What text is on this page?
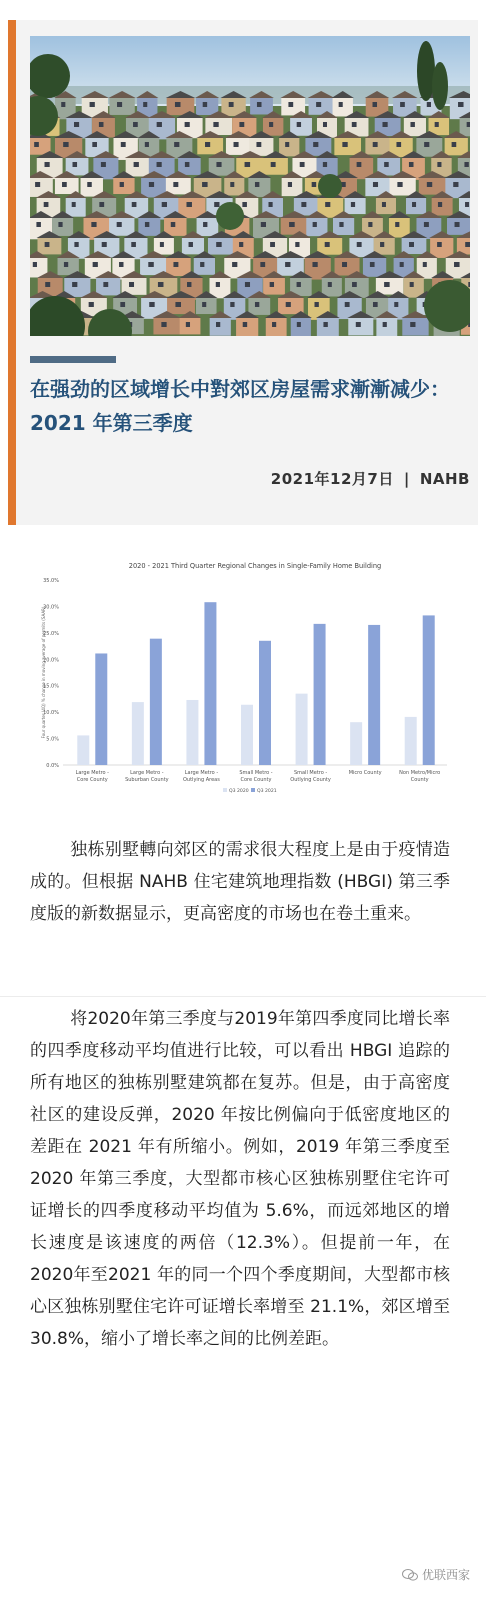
在强劲的区域增长中對郊区房屋需求漸漸减少：2021 年第三季度
2021年12月7日 | NAHB
2020 - 2021 Third Quarter Regional Changes in Single-Family Home Building
Four quarter (4Q) % change in moving average of permits (SAAR)
0.0%
5.0%
10.0%
15.0%
20.0%
25.0%
30.0%
35.0%
Large Metro -
Core County
Large Metro -
Suburban County
Large Metro -
Outlying Areas
Small Metro -
Core County
Small Metro -
Outlying County
Micro County	Non Metro/Micro
County
Q3 2020 Q3 2021

独栋别墅轉向郊区的需求很大程度上是由于疫情造成的。但根据 NAHB 住宅建筑地理指数 (HBGI) 第三季度版的新数据显示，更高密度的市场也在卷土重来。

将2020年第三季度与2019年第四季度同比增长率的四季度移动平均值进行比较，可以看出 HBGI 追踪的所有地区的独栋别墅建筑都在复苏。但是，由于高密度社区的建设反弹，2020 年按比例偏向于低密度地区的差距在 2021 年有所缩小。例如，2019 年第三季度至 2020 年第三季度，大型都市核心区独栋别墅住宅许可证增长的四季度移动平均值为 5.6%，而远郊地区的增长速度是该速度的两倍（12.3%）。但提前一年，在2020年至2021 年的同一个四个季度期间，大型都市核心区独栋别墅住宅许可证增长率增至 21.1%，郊区增至 30.8%，缩小了增长率之间的比例差距。

优联西家
